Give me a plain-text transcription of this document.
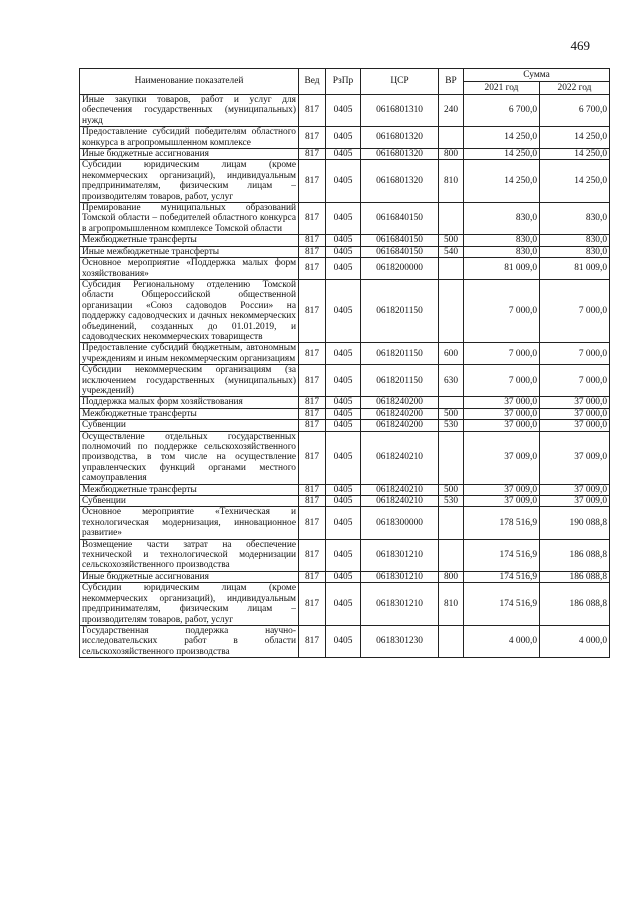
469
Наименование показателей	Вед	РзПр	ЦСР	ВР	Сумма	
					2021 год	2022 год
Иные закупки товаров, работ и услуг для обеспечения государственных (муниципальных) нужд	817	0405	0616801310	240	6 700,0	6 700,0
Предоставление субсидий победителям областного конкурса в агропромышленном комплексе	817	0405	0616801320		14 250,0	14 250,0
Иные бюджетные ассигнования	817	0405	0616801320	800	14 250,0	14 250,0
Субсидии юридическим лицам (кроме некоммерческих организаций), индивидуальным предпринимателям, физическим лицам – производителям товаров, работ, услуг	817	0405	0616801320	810	14 250,0	14 250,0
Премирование муниципальных образований Томской области – победителей областного конкурса в агропромышленном комплексе Томской области	817	0405	0616840150		830,0	830,0
Межбюджетные трансферты	817	0405	0616840150	500	830,0	830,0
Иные межбюджетные трансферты	817	0405	0616840150	540	830,0	830,0
Основное мероприятие «Поддержка малых форм хозяйствования»	817	0405	0618200000		81 009,0	81 009,0
Субсидия Региональному отделению Томской области Общероссийской общественной организации «Союз садоводов России» на поддержку садоводческих и дачных некоммерческих объединений, созданных до 01.01.2019, и садоводческих некоммерческих товариществ	817	0405	0618201150		7 000,0	7 000,0
Предоставление субсидий бюджетным, автономным учреждениям и иным некоммерческим организациям	817	0405	0618201150	600	7 000,0	7 000,0
Субсидии некоммерческим организациям (за исключением государственных (муниципальных) учреждений)	817	0405	0618201150	630	7 000,0	7 000,0
Поддержка малых форм хозяйствования	817	0405	0618240200		37 000,0	37 000,0
Межбюджетные трансферты	817	0405	0618240200	500	37 000,0	37 000,0
Субвенции	817	0405	0618240200	530	37 000,0	37 000,0
Осуществление отдельных государственных полномочий по поддержке сельскохозяйственного производства, в том числе на осуществление управленческих функций органами местного самоуправления	817	0405	0618240210		37 009,0	37 009,0
Межбюджетные трансферты	817	0405	0618240210	500	37 009,0	37 009,0
Субвенции	817	0405	0618240210	530	37 009,0	37 009,0
Основное мероприятие «Техническая и технологическая модернизация, инновационное развитие»	817	0405	0618300000		178 516,9	190 088,8
Возмещение части затрат на обеспечение технической и технологической модернизации сельскохозяйственного производства	817	0405	0618301210		174 516,9	186 088,8
Иные бюджетные ассигнования	817	0405	0618301210	800	174 516,9	186 088,8
Субсидии юридическим лицам (кроме некоммерческих организаций), индивидуальным предпринимателям, физическим лицам – производителям товаров, работ, услуг	817	0405	0618301210	810	174 516,9	186 088,8
Государственная поддержка научно-исследовательских работ в области сельскохозяйственного производства	817	0405	0618301230		4 000,0	4 000,0
